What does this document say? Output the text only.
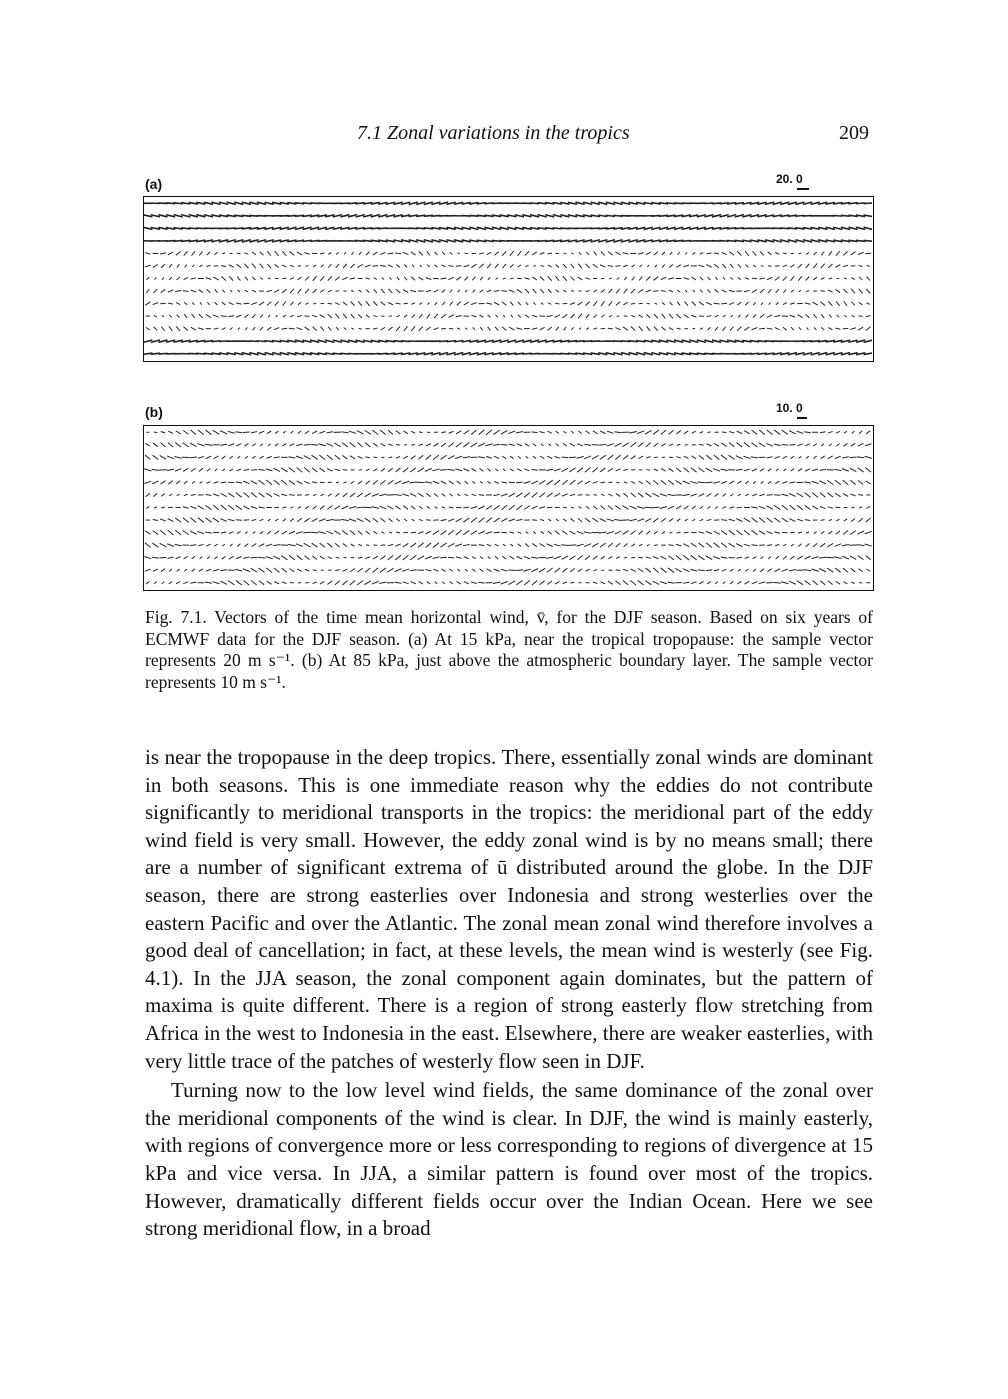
7.1 Zonal variations in the tropics	209
(a)	20. 0
(b)	10. 0

Fig. 7.1. Vectors of the time mean horizontal wind, v̄, for the DJF season. Based on six years of ECMWF data for the DJF season. (a) At 15 kPa, near the tropical tropopause: the sample vector represents 20 m s⁻¹. (b) At 85 kPa, just above the atmospheric boundary layer. The sample vector represents 10 m s⁻¹.

is near the tropopause in the deep tropics. There, essentially zonal winds are dominant in both seasons. This is one immediate reason why the eddies do not contribute significantly to meridional transports in the tropics: the meridional part of the eddy wind field is very small. However, the eddy zonal wind is by no means small; there are a number of significant extrema of ū distributed around the globe. In the DJF season, there are strong easterlies over Indonesia and strong westerlies over the eastern Pacific and over the Atlantic. The zonal mean zonal wind therefore involves a good deal of cancellation; in fact, at these levels, the mean wind is westerly (see Fig. 4.1). In the JJA season, the zonal component again dominates, but the pattern of maxima is quite different. There is a region of strong easterly flow stretching from Africa in the west to Indonesia in the east. Elsewhere, there are weaker easterlies, with very little trace of the patches of westerly flow seen in DJF.

Turning now to the low level wind fields, the same dominance of the zonal over the meridional components of the wind is clear. In DJF, the wind is mainly easterly, with regions of convergence more or less corresponding to regions of divergence at 15 kPa and vice versa. In JJA, a similar pattern is found over most of the tropics. However, dramatically different fields occur over the Indian Ocean. Here we see strong meridional flow, in a broad
